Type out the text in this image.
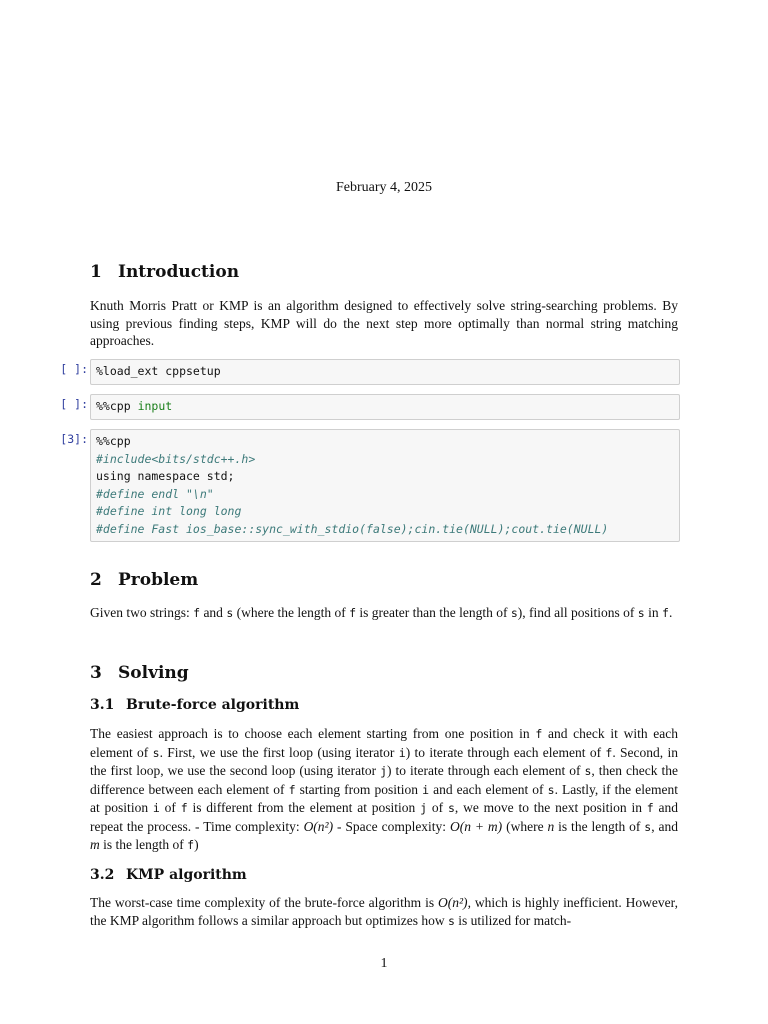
February 4, 2025
1 Introduction
Knuth Morris Pratt or KMP is an algorithm designed to effectively solve string-searching problems. By using previous finding steps, KMP will do the next step more optimally than normal string matching approaches.
[ ]: %load_ext cppsetup
[ ]: %%cpp input
[3]: %%cpp
#include<bits/stdc++.h>
using namespace std;
#define endl "\n"
#define int long long
#define Fast ios_base::sync_with_stdio(false);cin.tie(NULL);cout.tie(NULL)
2 Problem
Given two strings: f and s (where the length of f is greater than the length of s), find all positions of s in f.
3 Solving
3.1 Brute-force algorithm
The easiest approach is to choose each element starting from one position in f and check it with each element of s. First, we use the first loop (using iterator i) to iterate through each element of f. Second, in the first loop, we use the second loop (using iterator j) to iterate through each element of s, then check the difference between each element of f starting from position i and each element of s. Lastly, if the element at position i of f is different from the element at position j of s, we move to the next position in f and repeat the process. - Time complexity: O(n²) - Space complexity: O(n + m) (where n is the length of s, and m is the length of f)
3.2 KMP algorithm
The worst-case time complexity of the brute-force algorithm is O(n²), which is highly inefficient. However, the KMP algorithm follows a similar approach but optimizes how s is utilized for match-
1
